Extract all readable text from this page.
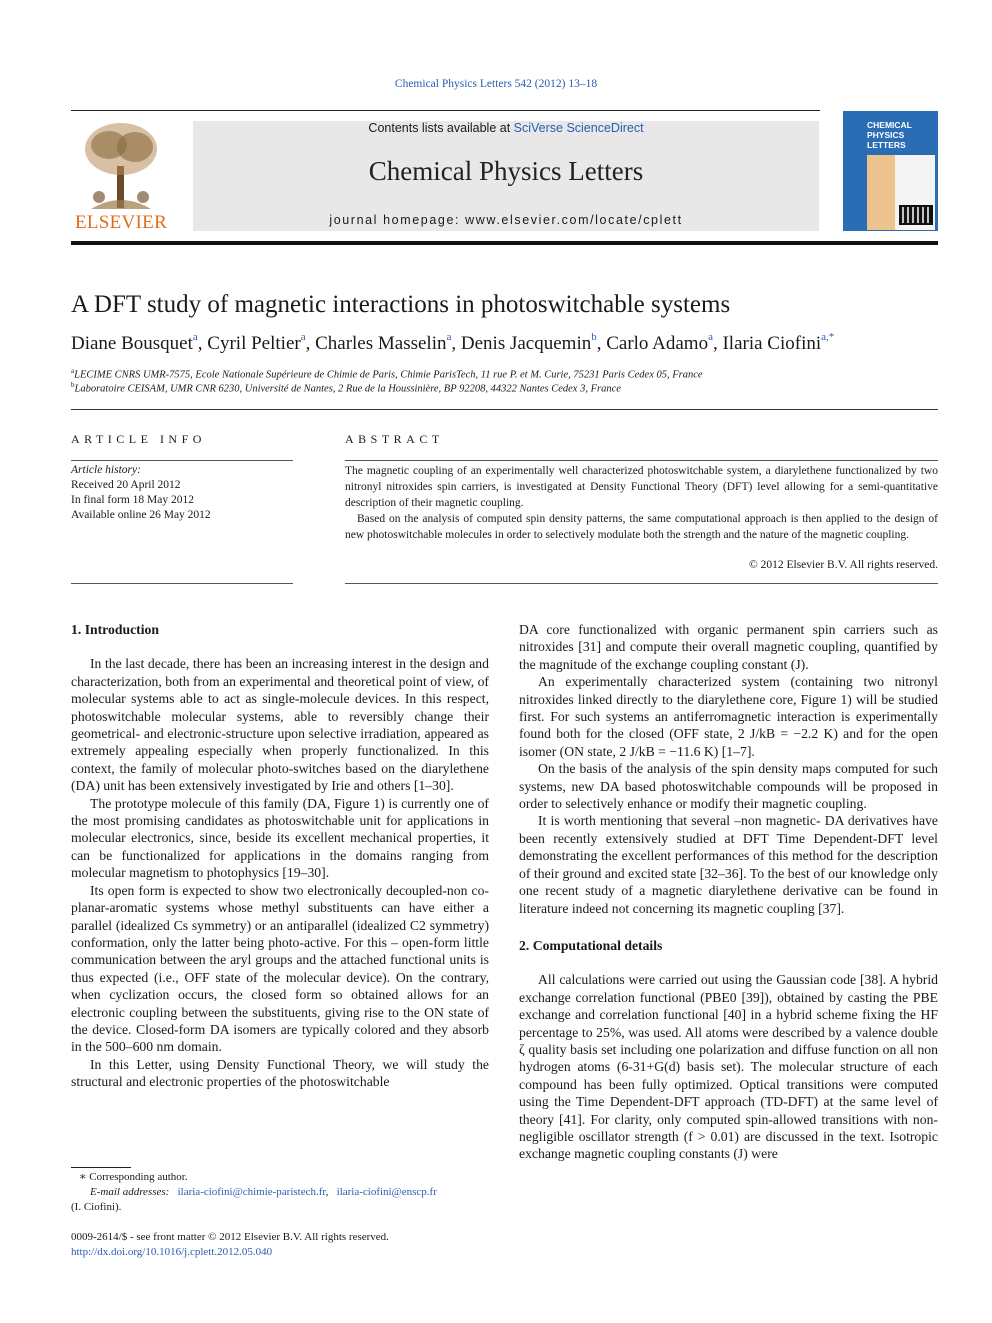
Chemical Physics Letters 542 (2012) 13–18
ELSEVIER
Contents lists available at SciVerse ScienceDirect
Chemical Physics Letters
journal homepage: www.elsevier.com/locate/cplett
CHEMICAL
PHYSICS
LETTERS
A DFT study of magnetic interactions in photoswitchable systems
Diane Bousquet$^a$, Cyril Peltier$^a$, Charles Masselin$^a$, Denis Jacquemin$^b$, Carlo Adamo$^a$, Ilaria Ciofini$^{a,*}$
$^a$LECIME CNRS UMR-7575, Ecole Nationale Supérieure de Chimie de Paris, Chimie ParisTech, 11 rue P. et M. Curie, 75231 Paris Cedex 05, France
$^b$Laboratoire CEISAM, UMR CNR 6230, Université de Nantes, 2 Rue de la Houssinière, BP 92208, 44322 Nantes Cedex 3, France
ARTICLE INFO	ABSTRACT
Article history:
Received 20 April 2012
In final form 18 May 2012
Available online 26 May 2012

The magnetic coupling of an experimentally well characterized photoswitchable system, a diarylethene functionalized by two nitronyl nitroxides spin carriers, is investigated at Density Functional Theory (DFT) level allowing for a semi-quantitative description of their magnetic coupling.

Based on the analysis of computed spin density patterns, the same computational approach is then applied to the design of new photoswitchable molecules in order to selectively modulate both the strength and the nature of the magnetic coupling.

© 2012 Elsevier B.V. All rights reserved.
1. Introduction

In the last decade, there has been an increasing interest in the design and characterization, both from an experimental and theoretical point of view, of molecular systems able to act as single-molecule devices. In this respect, photoswitchable molecular systems, able to reversibly change their geometrical- and electronic-structure upon selective irradiation, appeared as extremely appealing especially when properly functionalized. In this context, the family of molecular photo-switches based on the diarylethene (DA) unit has been extensively investigated by Irie and others [1–30].

The prototype molecule of this family (DA, Figure 1) is currently one of the most promising candidates as photoswitchable unit for applications in molecular electronics, since, beside its excellent mechanical properties, it can be functionalized for applications in the domains ranging from molecular magnetism to photophysics [19–30].

Its open form is expected to show two electronically decoupled-non co-planar-aromatic systems whose methyl substituents can have either a parallel (idealized Cs symmetry) or an antiparallel (idealized C2 symmetry) conformation, only the latter being photo-active. For this – open-form little communication between the aryl groups and the attached functional units is thus expected (i.e., OFF state of the molecular device). On the contrary, when cyclization occurs, the closed form so obtained allows for an electronic coupling between the substituents, giving rise to the ON state of the device. Closed-form DA isomers are typically colored and they absorb in the 500–600 nm domain.

In this Letter, using Density Functional Theory, we will study the structural and electronic properties of the photoswitchable

DA core functionalized with organic permanent spin carriers such as nitroxides [31] and compute their overall magnetic coupling, quantified by the magnitude of the exchange coupling constant (J).

An experimentally characterized system (containing two nitronyl nitroxides linked directly to the diarylethene core, Figure 1) will be studied first. For such systems an antiferromagnetic interaction is experimentally found both for the closed (OFF state, 2 J/kB = −2.2 K) and for the open isomer (ON state, 2 J/kB = −11.6 K) [1–7].

On the basis of the analysis of the spin density maps computed for such systems, new DA based photoswitchable compounds will be proposed in order to selectively enhance or modify their magnetic coupling.

It is worth mentioning that several –non magnetic- DA derivatives have been recently extensively studied at DFT Time Dependent-DFT level demonstrating the excellent performances of this method for the description of their ground and excited state [32–36]. To the best of our knowledge only one recent study of a magnetic diarylethene derivative can be found in literature indeed not concerning its magnetic coupling [37].

2. Computational details

All calculations were carried out using the Gaussian code [38]. A hybrid exchange correlation functional (PBE0 [39]), obtained by casting the PBE exchange and correlation functional [40] in a hybrid scheme fixing the HF percentage to 25%, was used. All atoms were described by a valence double ζ quality basis set including one polarization and diffuse function on all non hydrogen atoms (6-31+G(d) basis set). The molecular structure of each compound has been fully optimized. Optical transitions were computed using the Time Dependent-DFT approach (TD-DFT) at the same level of theory [41]. For clarity, only computed spin-allowed transitions with non-negligible oscillator strength (f > 0.01) are discussed in the text. Isotropic exchange magnetic coupling constants (J) were

∗ Corresponding author.
E-mail addresses: ilaria-ciofini@chimie-paristech.fr,   ilaria-ciofini@enscp.fr
(I. Ciofini).
0009-2614/$ - see front matter © 2012 Elsevier B.V. All rights reserved.
http://dx.doi.org/10.1016/j.cplett.2012.05.040
